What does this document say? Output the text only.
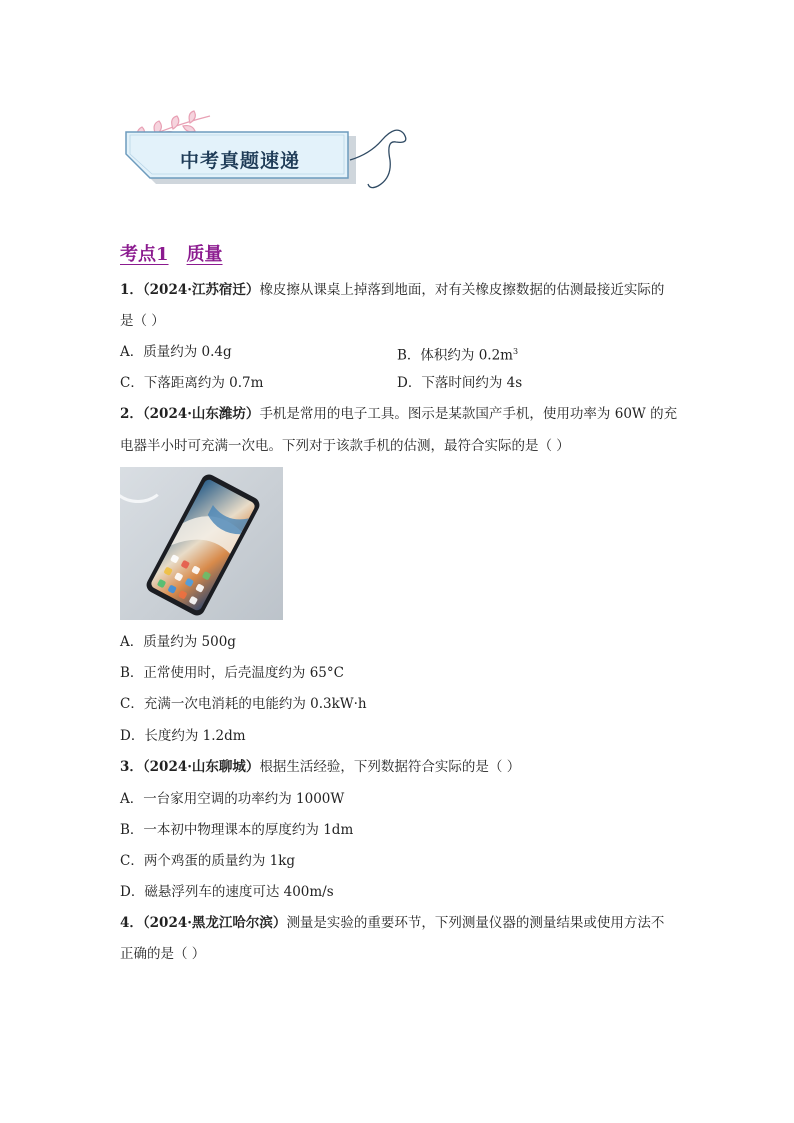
中考真题速递
考点1 质量
1．（2024·江苏宿迁）橡皮擦从课桌上掉落到地面，对有关橡皮擦数据的估测最接近实际的
是（ ）
A．质量约为 0.4g	B．体积约为 $0.2m^3$
C．下落距离约为 0.7m	D．下落时间约为 4s
2．（2024·山东潍坊）手机是常用的电子工具。图示是某款国产手机，使用功率为 60W 的充
电器半小时可充满一次电。下列对于该款手机的估测，最符合实际的是（ ）
A．质量约为 500g
B．正常使用时，后壳温度约为 65°C
C．充满一次电消耗的电能约为 0.3kW·h
D．长度约为 1.2dm
3．（2024·山东聊城）根据生活经验，下列数据符合实际的是（ ）
A．一台家用空调的功率约为 1000W
B．一本初中物理课本的厚度约为 1dm
C．两个鸡蛋的质量约为 1kg
D．磁悬浮列车的速度可达 400m/s
4．（2024·黑龙江哈尔滨）测量是实验的重要环节，下列测量仪器的测量结果或使用方法不
正确的是（ ）
